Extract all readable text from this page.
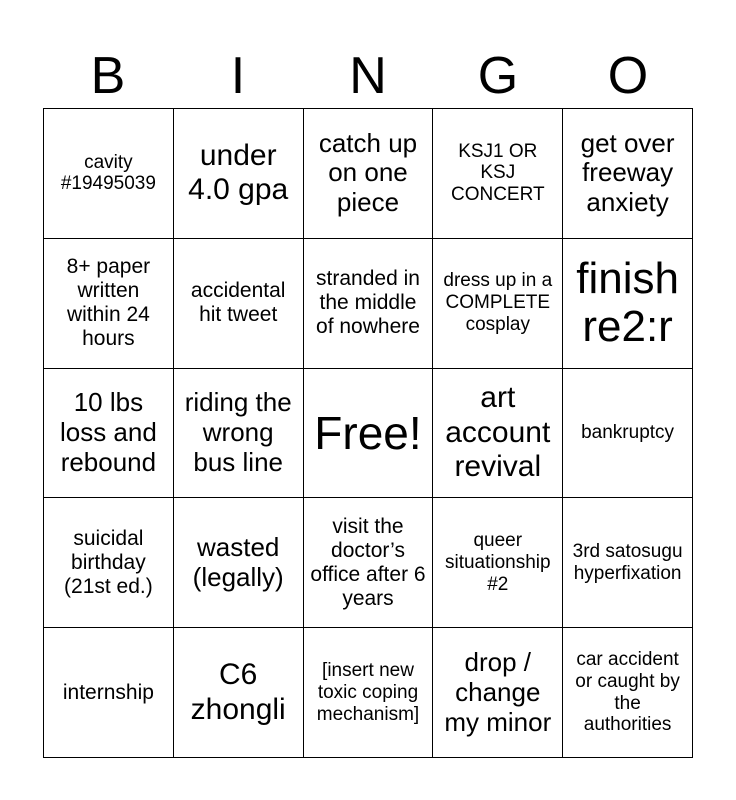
B	I	N	G	O
cavity #19495039
under 4.0 gpa
catch up on one piece
KSJ1 OR KSJ CONCERT
get over freeway anxiety
8+ paper written within 24 hours
accidental hit tweet
stranded in the middle of nowhere
dress up in a COMPLETE cosplay
finish re2:r
10 lbs loss and rebound
riding the wrong bus line
Free!
art account revival
bankruptcy
suicidal birthday (21st ed.)
wasted (legally)
visit the doctor’s office after 6 years
queer situationship #2
3rd satosugu hyperfixation
internship
C6 zhongli
[insert new toxic coping mechanism]
drop / change my minor
car accident or caught by the authorities
